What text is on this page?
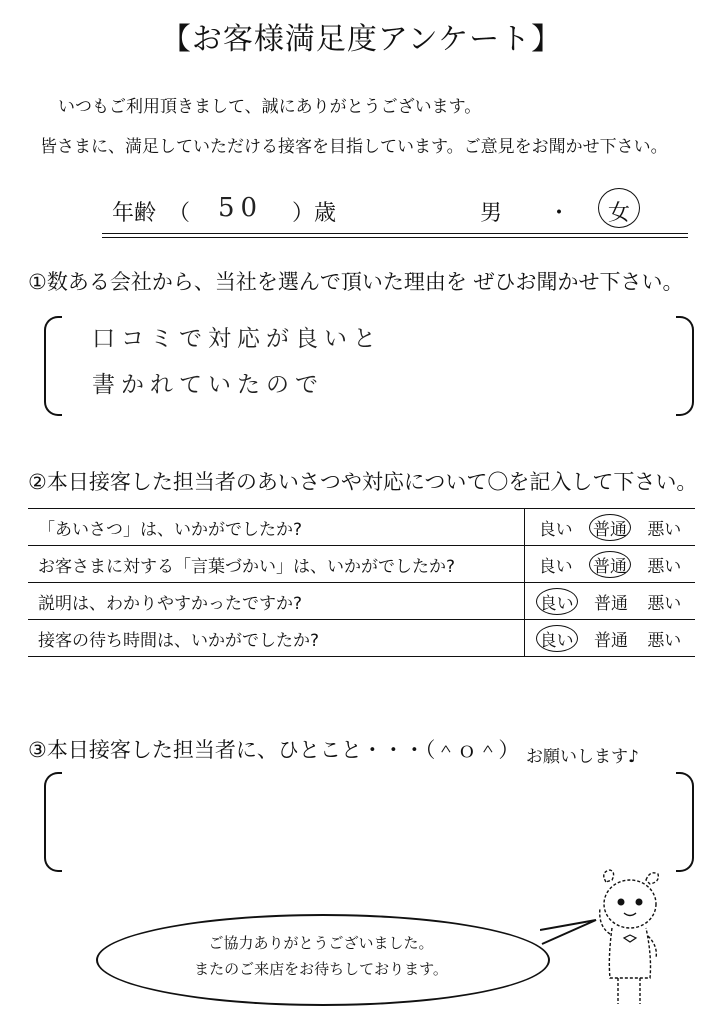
【お客様満足度アンケート】
いつもご利用頂きまして、誠にありがとうございます。
皆さまに、満足していただける接客を目指しています。ご意見をお聞かせ下さい。
年齢 （ 50 ）歳	男 ・ 女
①数ある会社から、当社を選んで頂いた理由を ぜひお聞かせ下さい。
口コミで対応が良いと
書かれていたので
②本日接客した担当者のあいさつや対応について〇を記入して下さい。
「あいさつ」は、いかがでしたか?	良い 普通 悪い

お客さまに対する「言葉づかい」は、いかがでしたか?	良い 普通 悪い

説明は、わかりやすかったですか?	良い 普通 悪い

接客の待ち時間は、いかがでしたか?	良い 普通 悪い
③本日接客した担当者に、ひとこと・・・（＾ｏ＾） お願いします♪
ご協力ありがとうございました。
またのご来店をお待ちしております。
